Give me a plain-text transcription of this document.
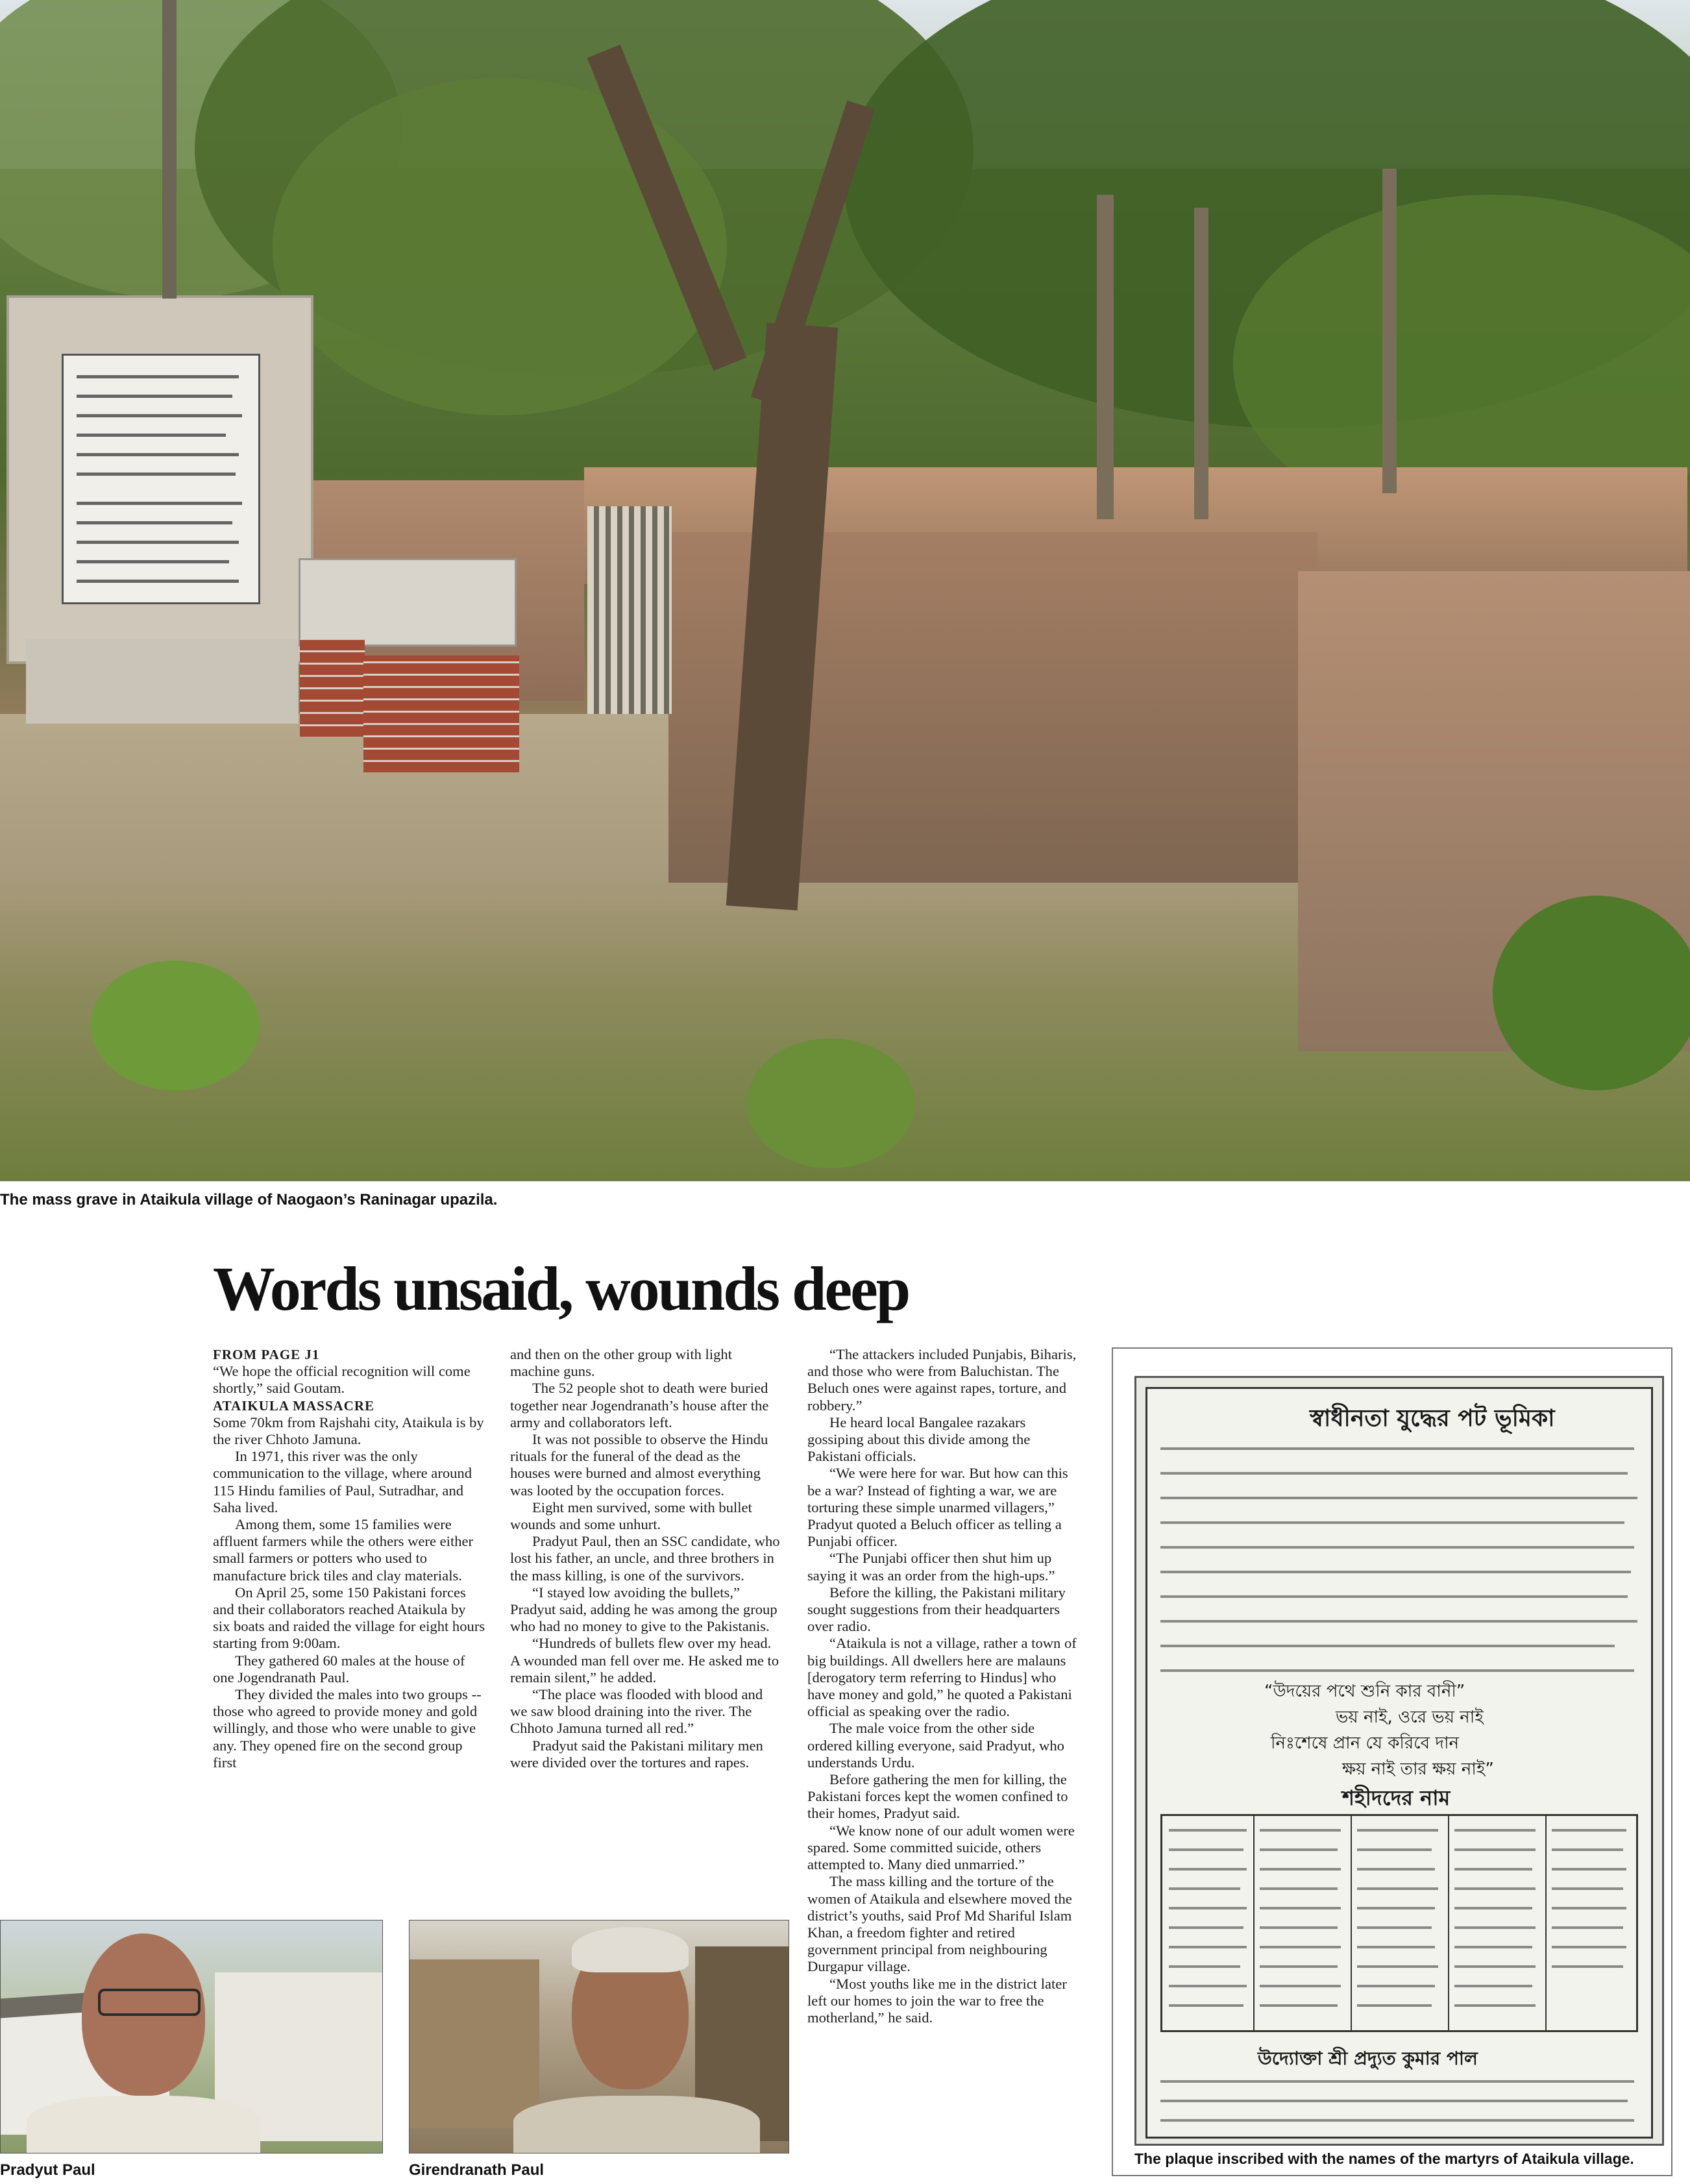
The mass grave in Ataikula village of Naogaon’s Raninagar upazila.
Words unsaid, wounds deep

FROM PAGE J1

“We hope the official recognition will come shortly,” said Goutam.

ATAIKULA MASSACRE

Some 70km from Rajshahi city, Ataikula is by the river Chhoto Jamuna.

In 1971, this river was the only communication to the village, where around 115 Hindu families of Paul, Sutradhar, and Saha lived.

Among them, some 15 families were affluent farmers while the others were either small farmers or potters who used to manufacture brick tiles and clay materials.

On April 25, some 150 Pakistani forces and their collaborators reached Ataikula by six boats and raided the village for eight hours starting from 9:00am.

They gathered 60 males at the house of one Jogendranath Paul.

They divided the males into two groups -- those who agreed to provide money and gold willingly, and those who were unable to give any. They opened fire on the second group first

and then on the other group with light machine guns.

The 52 people shot to death were buried together near Jogendranath’s house after the army and collaborators left.

It was not possible to observe the Hindu rituals for the funeral of the dead as the houses were burned and almost everything was looted by the occupation forces.

Eight men survived, some with bullet wounds and some unhurt.

Pradyut Paul, then an SSC candidate, who lost his father, an uncle, and three brothers in the mass killing, is one of the survivors.

“I stayed low avoiding the bullets,” Pradyut said, adding he was among the group who had no money to give to the Pakistanis.

“Hundreds of bullets flew over my head. A wounded man fell over me. He asked me to remain silent,” he added.

“The place was flooded with blood and we saw blood draining into the river. The Chhoto Jamuna turned all red.”

Pradyut said the Pakistani military men were divided over the tortures and rapes.

“The attackers included Punjabis, Biharis, and those who were from Baluchistan. The Beluch ones were against rapes, torture, and robbery.”

He heard local Bangalee razakars gossiping about this divide among the Pakistani officials.

“We were here for war. But how can this be a war? Instead of fighting a war, we are torturing these simple unarmed villagers,” Pradyut quoted a Beluch officer as telling a Punjabi officer.

“The Punjabi officer then shut him up saying it was an order from the high-ups.”

Before the killing, the Pakistani military sought suggestions from their headquarters over radio.

“Ataikula is not a village, rather a town of big buildings. All dwellers here are malauns [derogatory term referring to Hindus] who have money and gold,” he quoted a Pakistani official as speaking over the radio.

The male voice from the other side ordered killing everyone, said Pradyut, who understands Urdu.

Before gathering the men for killing, the Pakistani forces kept the women confined to their homes, Pradyut said.

“We know none of our adult women were spared. Some committed suicide, others attempted to. Many died unmarried.”

The mass killing and the torture of the women of Ataikula and elsewhere moved the district’s youths, said Prof Md Shariful Islam Khan, a freedom fighter and retired government principal from neighbouring Durgapur village.

“Most youths like me in the district later left our homes to join the war to free the motherland,” he said.

স্বাধীনতা যুদ্ধের পট ভূমিকা
“উদয়ের পথে শুনি কার বানী”
ভয় নাই, ওরে ভয় নাই
নিঃশেষে প্রান যে করিবে দান
ক্ষয় নাই তার ক্ষয় নাই”
শহীদদের নাম
উদ্যোক্তা শ্রী প্রদ্যুত কুমার পাল
The plaque inscribed with the names of the martyrs of Ataikula village.
Pradyut Paul	Girendranath Paul
